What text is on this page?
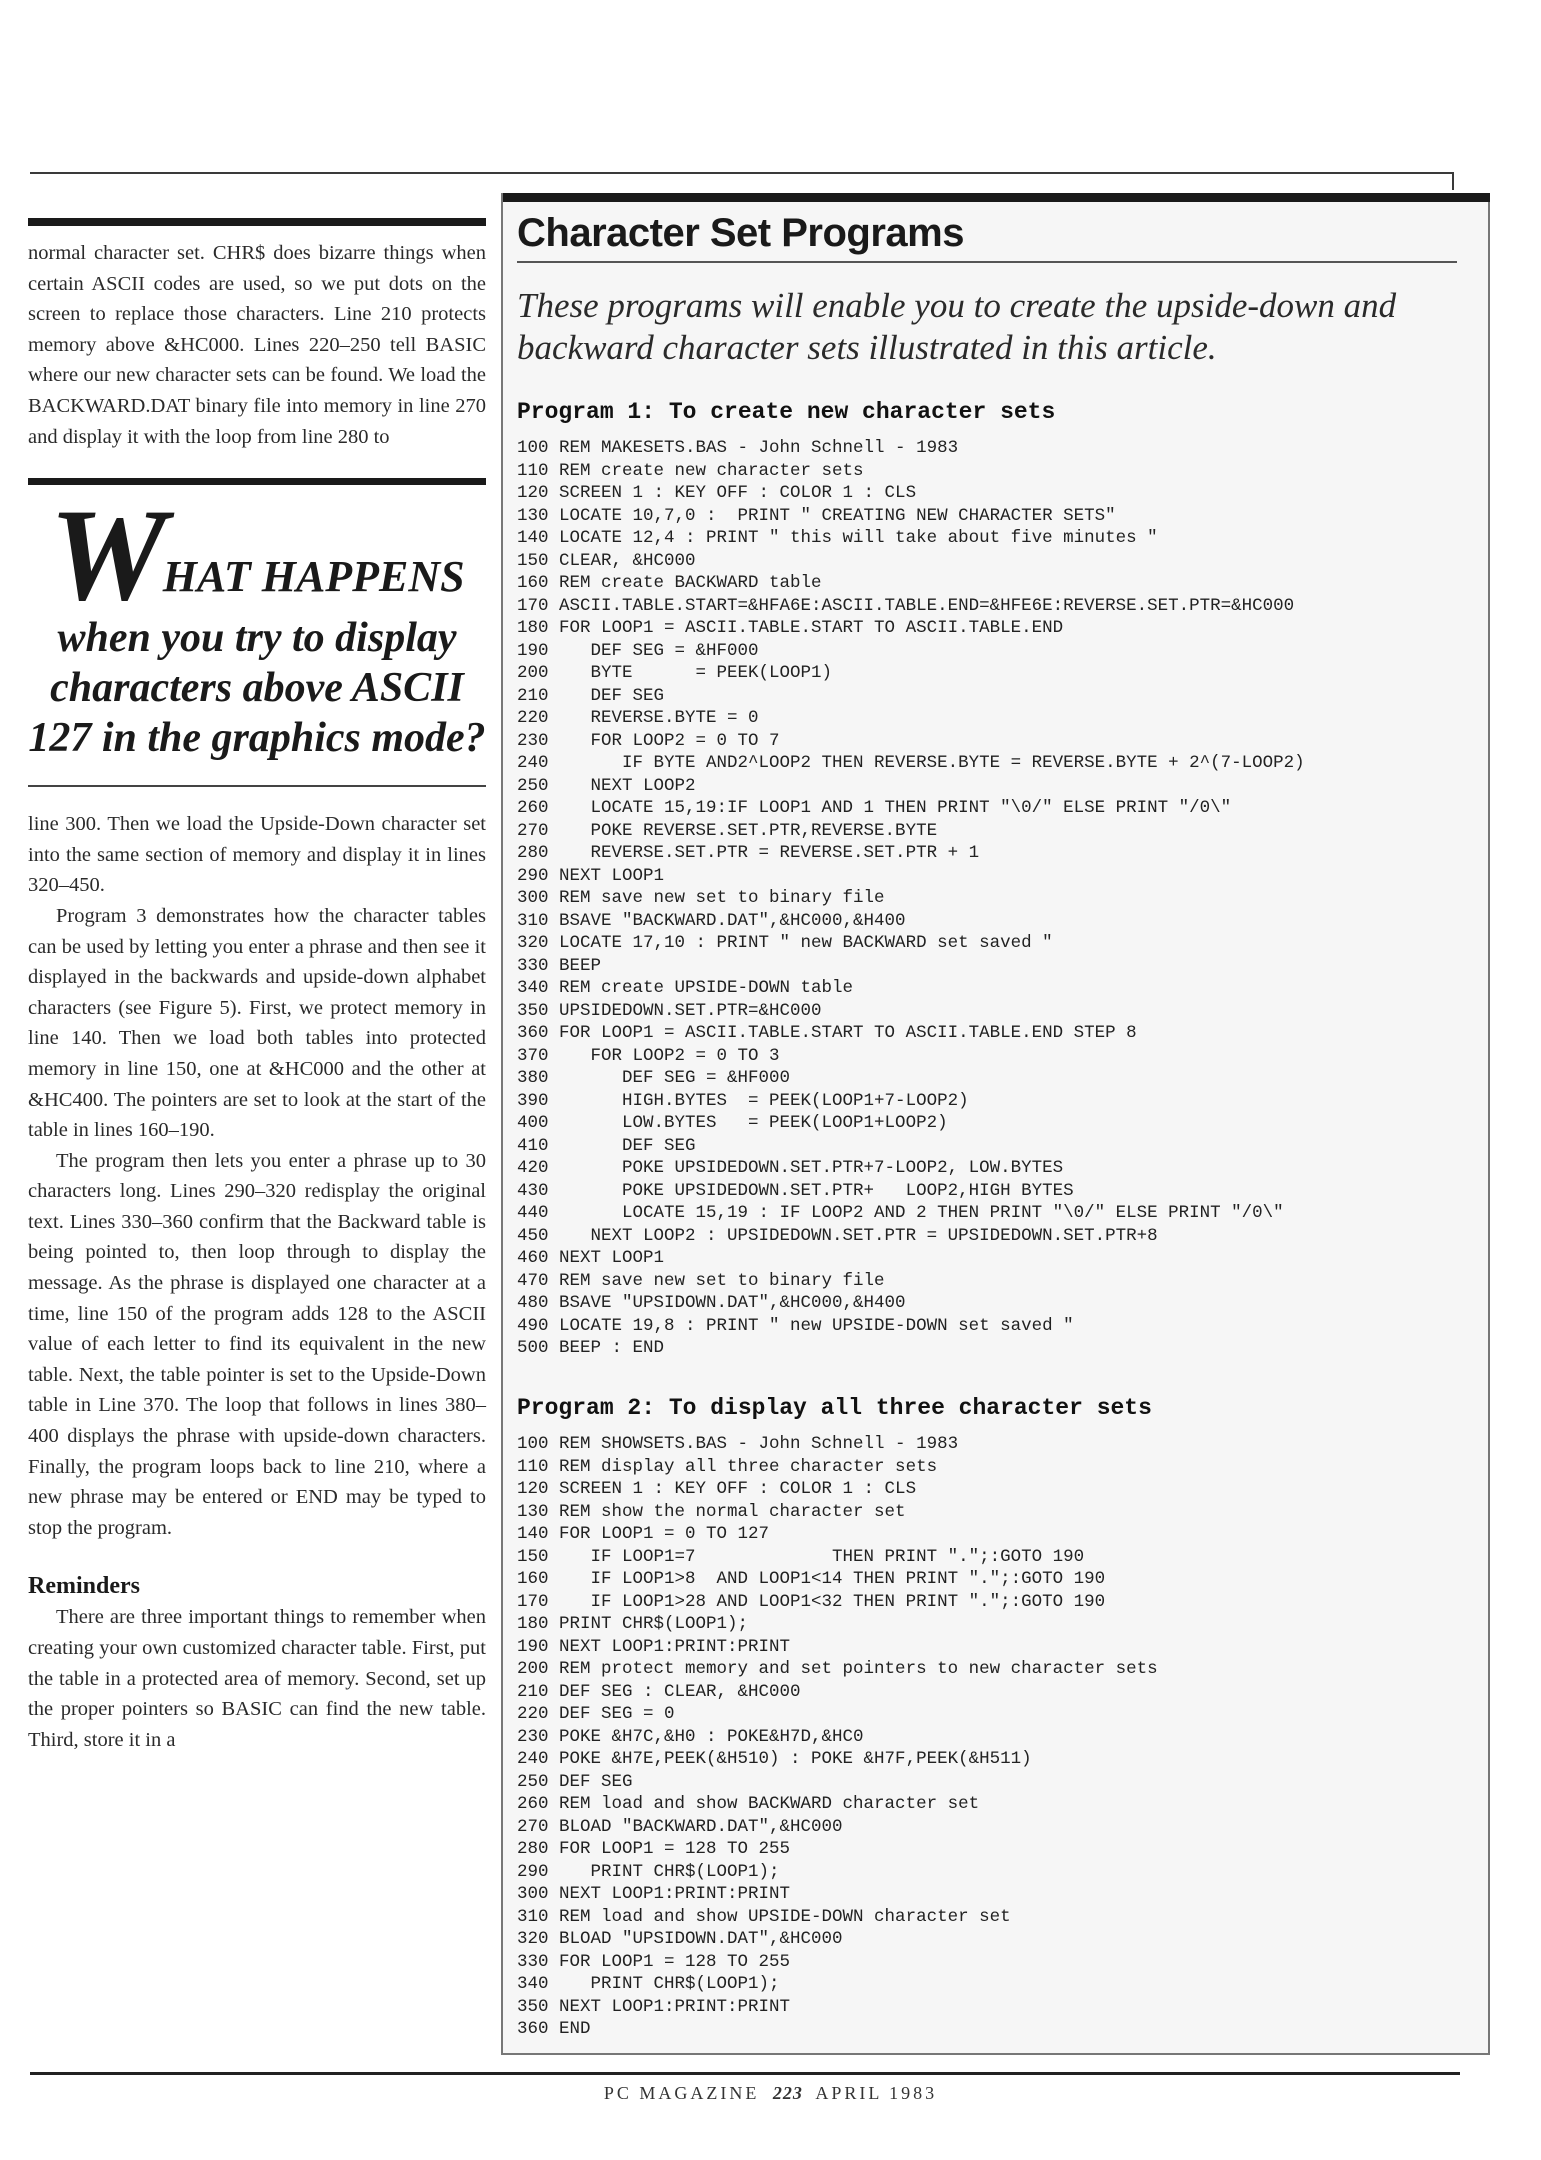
normal character set. CHR$ does bizarre things when certain ASCII codes are used, so we put dots on the screen to replace those characters. Line 210 protects memory above &HC000. Lines 220–250 tell BASIC where our new character sets can be found. We load the BACKWARD.DAT binary file into memory in line 270 and display it with the loop from line 280 to

WHAT HAPPENS
when you try to display characters above ASCII 127 in the graphics mode?

line 300. Then we load the Upside-Down character set into the same section of memory and display it in lines 320–450.

Program 3 demonstrates how the character tables can be used by letting you enter a phrase and then see it displayed in the backwards and upside-down alphabet characters (see Figure 5). First, we protect memory in line 140. Then we load both tables into protected memory in line 150, one at &HC000 and the other at &HC400. The pointers are set to look at the start of the table in lines 160–190.

The program then lets you enter a phrase up to 30 characters long. Lines 290–320 redisplay the original text. Lines 330–360 confirm that the Backward table is being pointed to, then loop through to display the message. As the phrase is displayed one character at a time, line 150 of the program adds 128 to the ASCII value of each letter to find its equivalent in the new table. Next, the table pointer is set to the Upside-Down table in Line 370. The loop that follows in lines 380–400 displays the phrase with upside-down characters. Finally, the program loops back to line 210, where a new phrase may be entered or END may be typed to stop the program.

Reminders

There are three important things to remember when creating your own customized character table. First, put the table in a protected area of memory. Second, set up the proper pointers so BASIC can find the new table. Third, store it in a

Character Set Programs
These programs will enable you to create the upside-down and backward character sets illustrated in this article.
Program 1: To create new character sets
100 REM MAKESETS.BAS - John Schnell - 1983
110 REM create new character sets
120 SCREEN 1 : KEY OFF : COLOR 1 : CLS
130 LOCATE 10,7,0 :  PRINT " CREATING NEW CHARACTER SETS"
140 LOCATE 12,4 : PRINT " this will take about five minutes "
150 CLEAR, &HC000
160 REM create BACKWARD table
170 ASCII.TABLE.START=&HFA6E:ASCII.TABLE.END=&HFE6E:REVERSE.SET.PTR=&HC000
180 FOR LOOP1 = ASCII.TABLE.START TO ASCII.TABLE.END
190    DEF SEG = &HF000
200    BYTE      = PEEK(LOOP1)
210    DEF SEG
220    REVERSE.BYTE = 0
230    FOR LOOP2 = 0 TO 7
240       IF BYTE AND2^LOOP2 THEN REVERSE.BYTE = REVERSE.BYTE + 2^(7-LOOP2)
250    NEXT LOOP2
260    LOCATE 15,19:IF LOOP1 AND 1 THEN PRINT "\0/" ELSE PRINT "/0\"
270    POKE REVERSE.SET.PTR,REVERSE.BYTE
280    REVERSE.SET.PTR = REVERSE.SET.PTR + 1
290 NEXT LOOP1
300 REM save new set to binary file
310 BSAVE "BACKWARD.DAT",&HC000,&H400
320 LOCATE 17,10 : PRINT " new BACKWARD set saved "
330 BEEP
340 REM create UPSIDE-DOWN table
350 UPSIDEDOWN.SET.PTR=&HC000
360 FOR LOOP1 = ASCII.TABLE.START TO ASCII.TABLE.END STEP 8
370    FOR LOOP2 = 0 TO 3
380       DEF SEG = &HF000
390       HIGH.BYTES  = PEEK(LOOP1+7-LOOP2)
400       LOW.BYTES   = PEEK(LOOP1+LOOP2)
410       DEF SEG
420       POKE UPSIDEDOWN.SET.PTR+7-LOOP2, LOW.BYTES
430       POKE UPSIDEDOWN.SET.PTR+   LOOP2,HIGH BYTES
440       LOCATE 15,19 : IF LOOP2 AND 2 THEN PRINT "\0/" ELSE PRINT "/0\"
450    NEXT LOOP2 : UPSIDEDOWN.SET.PTR = UPSIDEDOWN.SET.PTR+8
460 NEXT LOOP1
470 REM save new set to binary file
480 BSAVE "UPSIDOWN.DAT",&HC000,&H400
490 LOCATE 19,8 : PRINT " new UPSIDE-DOWN set saved "
500 BEEP : END
Program 2: To display all three character sets
100 REM SHOWSETS.BAS - John Schnell - 1983
110 REM display all three character sets
120 SCREEN 1 : KEY OFF : COLOR 1 : CLS
130 REM show the normal character set
140 FOR LOOP1 = 0 TO 127
150    IF LOOP1=7             THEN PRINT ".";:GOTO 190
160    IF LOOP1>8  AND LOOP1<14 THEN PRINT ".";:GOTO 190
170    IF LOOP1>28 AND LOOP1<32 THEN PRINT ".";:GOTO 190
180 PRINT CHR$(LOOP1);
190 NEXT LOOP1:PRINT:PRINT
200 REM protect memory and set pointers to new character sets
210 DEF SEG : CLEAR, &HC000
220 DEF SEG = 0
230 POKE &H7C,&H0 : POKE&H7D,&HC0
240 POKE &H7E,PEEK(&H510) : POKE &H7F,PEEK(&H511)
250 DEF SEG
260 REM load and show BACKWARD character set
270 BLOAD "BACKWARD.DAT",&HC000
280 FOR LOOP1 = 128 TO 255
290    PRINT CHR$(LOOP1);
300 NEXT LOOP1:PRINT:PRINT
310 REM load and show UPSIDE-DOWN character set
320 BLOAD "UPSIDOWN.DAT",&HC000
330 FOR LOOP1 = 128 TO 255
340    PRINT CHR$(LOOP1);
350 NEXT LOOP1:PRINT:PRINT
360 END
PC MAGAZINE 223 APRIL 1983
